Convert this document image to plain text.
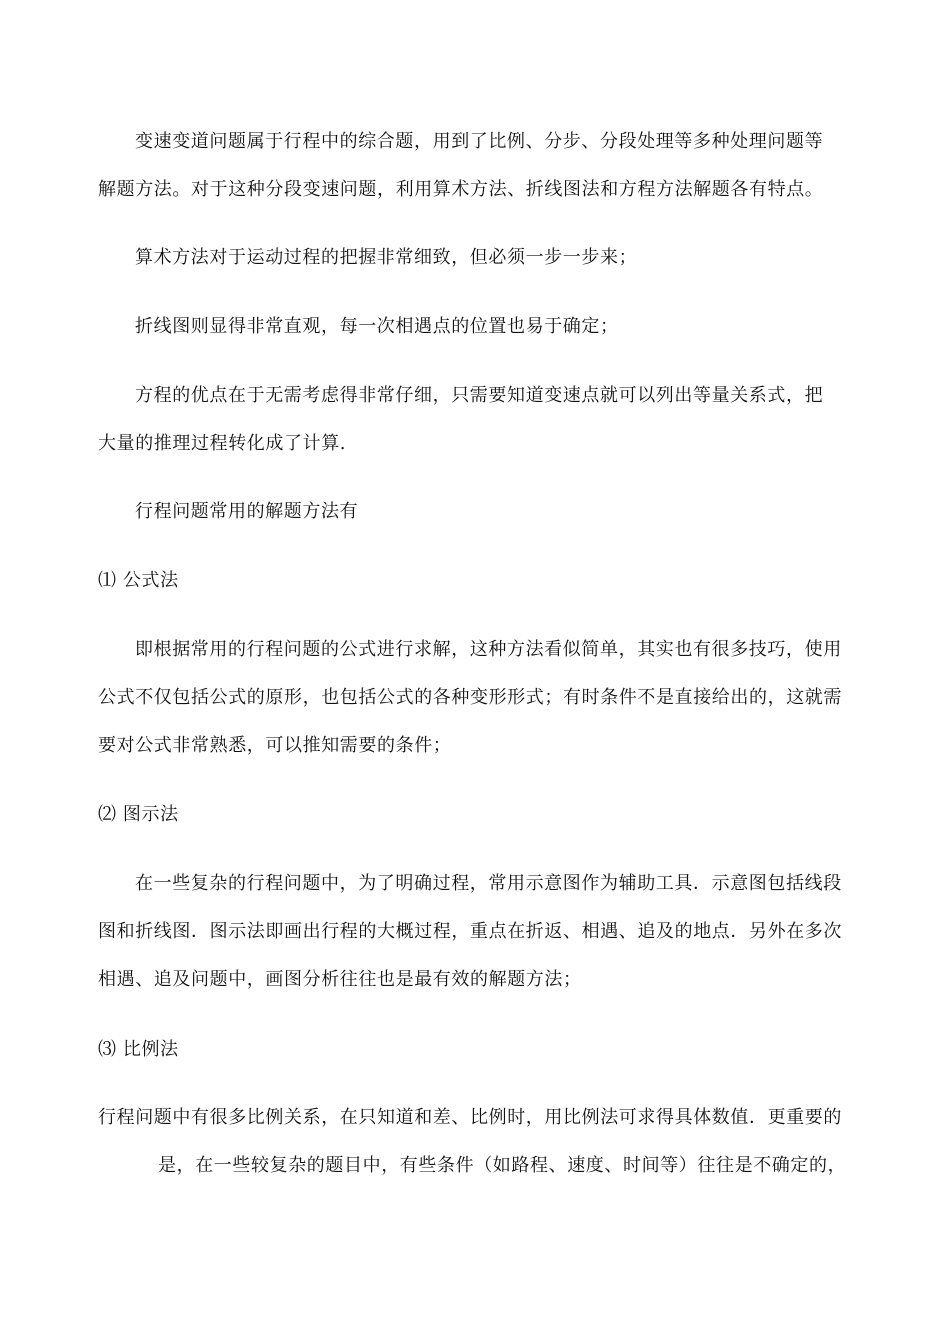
变速变道问题属于行程中的综合题，用到了比例、分步、分段处理等多种处理问题等
解题方法。对于这种分段变速问题，利用算术方法、折线图法和方程方法解题各有特点。
算术方法对于运动过程的把握非常细致，但必须一步一步来；
折线图则显得非常直观，每一次相遇点的位置也易于确定；
方程的优点在于无需考虑得非常仔细，只需要知道变速点就可以列出等量关系式，把
大量的推理过程转化成了计算.
行程问题常用的解题方法有
⑴ 公式法
即根据常用的行程问题的公式进行求解，这种方法看似简单，其实也有很多技巧，使用
公式不仅包括公式的原形，也包括公式的各种变形形式；有时条件不是直接给出的，这就需
要对公式非常熟悉，可以推知需要的条件；
⑵ 图示法
在一些复杂的行程问题中，为了明确过程，常用示意图作为辅助工具．示意图包括线段
图和折线图．图示法即画出行程的大概过程，重点在折返、相遇、追及的地点．另外在多次
相遇、追及问题中，画图分析往往也是最有效的解题方法；
⑶ 比例法
行程问题中有很多比例关系，在只知道和差、比例时，用比例法可求得具体数值．更重要的
是，在一些较复杂的题目中，有些条件（如路程、速度、时间等）往往是不确定的，
